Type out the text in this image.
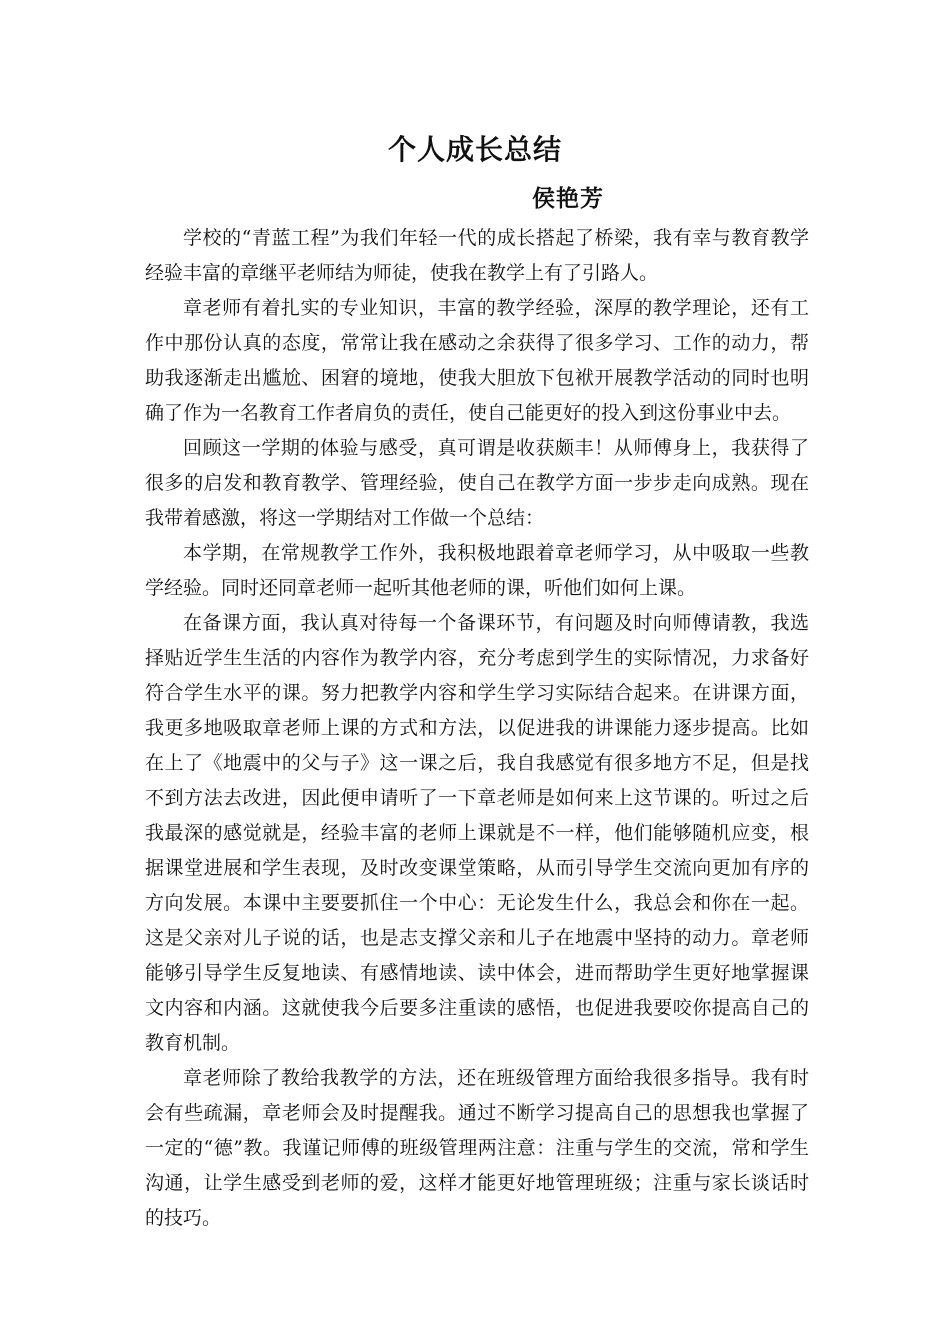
个人成长总结
侯艳芳

学校的“青蓝工程”为我们年轻一代的成长搭起了桥梁，我有幸与教育教学经验丰富的章继平老师结为师徒，使我在教学上有了引路人。

章老师有着扎实的专业知识，丰富的教学经验，深厚的教学理论，还有工作中那份认真的态度，常常让我在感动之余获得了很多学习、工作的动力，帮助我逐渐走出尴尬、困窘的境地，使我大胆放下包袱开展教学活动的同时也明确了作为一名教育工作者肩负的责任，使自己能更好的投入到这份事业中去。

回顾这一学期的体验与感受，真可谓是收获颇丰！从师傅身上，我获得了很多的启发和教育教学、管理经验，使自己在教学方面一步步走向成熟。现在我带着感激，将这一学期结对工作做一个总结：

本学期，在常规教学工作外，我积极地跟着章老师学习，从中吸取一些教学经验。同时还同章老师一起听其他老师的课，听他们如何上课。

在备课方面，我认真对待每一个备课环节，有问题及时向师傅请教，我选择贴近学生生活的内容作为教学内容，充分考虑到学生的实际情况，力求备好符合学生水平的课。努力把教学内容和学生学习实际结合起来。在讲课方面，我更多地吸取章老师上课的方式和方法，以促进我的讲课能力逐步提高。比如在上了《地震中的父与子》这一课之后，我自我感觉有很多地方不足，但是找不到方法去改进，因此便申请听了一下章老师是如何来上这节课的。听过之后我最深的感觉就是，经验丰富的老师上课就是不一样，他们能够随机应变，根据课堂进展和学生表现，及时改变课堂策略，从而引导学生交流向更加有序的方向发展。本课中主要要抓住一个中心：无论发生什么，我总会和你在一起。这是父亲对儿子说的话，也是志支撑父亲和儿子在地震中坚持的动力。章老师能够引导学生反复地读、有感情地读、读中体会，进而帮助学生更好地掌握课文内容和内涵。这就使我今后要多注重读的感悟，也促进我要咬你提高自己的教育机制。

章老师除了教给我教学的方法，还在班级管理方面给我很多指导。我有时会有些疏漏，章老师会及时提醒我。通过不断学习提高自己的思想我也掌握了一定的“德”教。我谨记师傅的班级管理两注意：注重与学生的交流，常和学生沟通，让学生感受到老师的爱，这样才能更好地管理班级；注重与家长谈话时的技巧。
